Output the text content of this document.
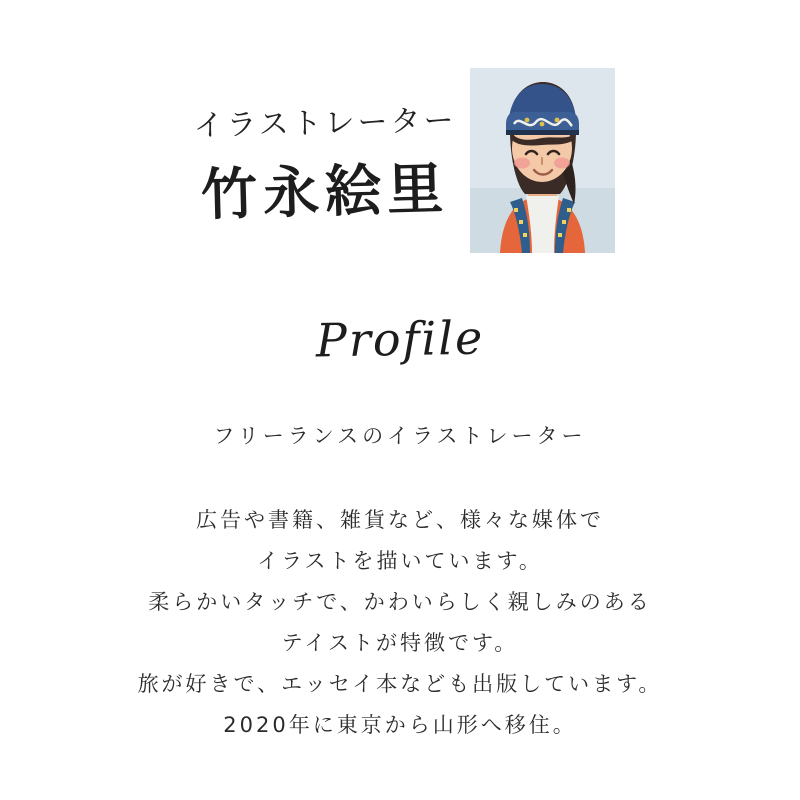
イラストレーター
竹永絵里
Profile
フリーランスのイラストレーター
広告や書籍、雑貨など、様々な媒体で
イラストを描いています。
柔らかいタッチで、かわいらしく親しみのある
テイストが特徴です。
旅が好きで、エッセイ本なども出版しています。
2020年に東京から山形へ移住。
